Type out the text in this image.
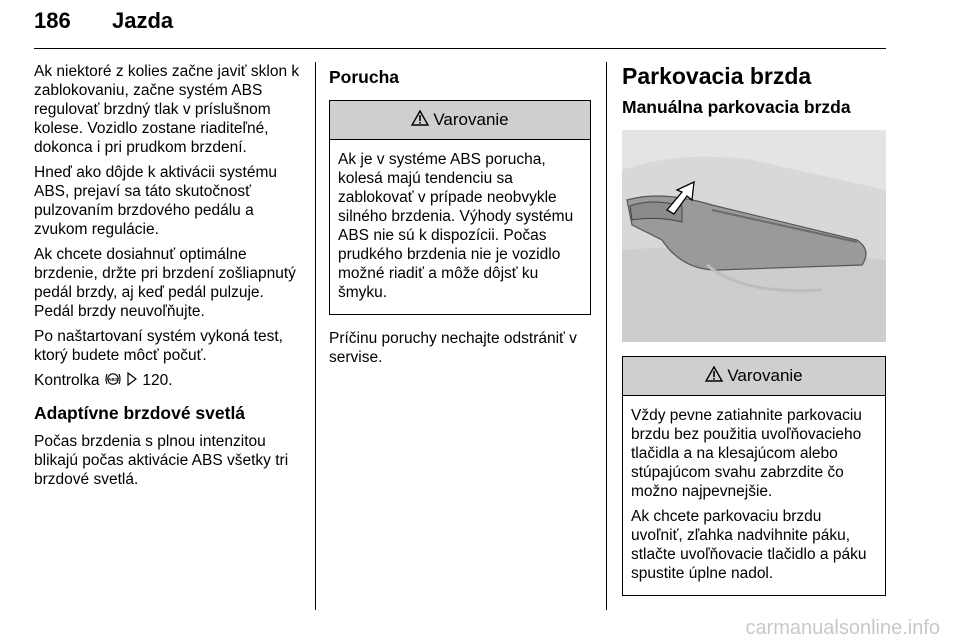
186 Jazda

Ak niektoré z kolies začne javiť sklon k zablokovaniu, začne systém ABS regulovať brzdný tlak v príslušnom kolese. Vozidlo zostane riaditeľné, dokonca i pri prudkom brzdení.

Hneď ako dôjde k aktivácii systému ABS, prejaví sa táto skutočnosť pulzovaním brzdového pedálu a zvukom regulácie.

Ak chcete dosiahnuť optimálne brzdenie, držte pri brzdení zošliapnutý pedál brzdy, aj keď pedál pulzuje. Pedál brzdy neuvoľňujte.

Po naštartovaní systém vykoná test, ktorý budete môcť počuť.

Kontrolka ABS 120.

Adaptívne brzdové svetlá

Počas brzdenia s plnou intenzitou blikajú počas aktivácie ABS všetky tri brzdové svetlá.

Porucha
Varovanie

Ak je v systéme ABS porucha, kolesá majú tendenciu sa zablokovať v prípade neobvykle silného brzdenia. Výhody systému ABS nie sú k dispozícii. Počas prudkého brzdenia nie je vozidlo možné riadiť a môže dôjsť ku šmyku.

Príčinu poruchy nechajte odstrániť v servise.

Parkovacia brzda
Manuálna parkovacia brzda
Varovanie

Vždy pevne zatiahnite parkovaciu brzdu bez použitia uvoľňovacieho tlačidla a na klesajúcom alebo stúpajúcom svahu zabrzdite čo možno najpevnejšie.

Ak chcete parkovaciu brzdu uvoľniť, zľahka nadvihnite páku, stlačte uvoľňovacie tlačidlo a páku spustite úplne nadol.

carmanualsonline.info
